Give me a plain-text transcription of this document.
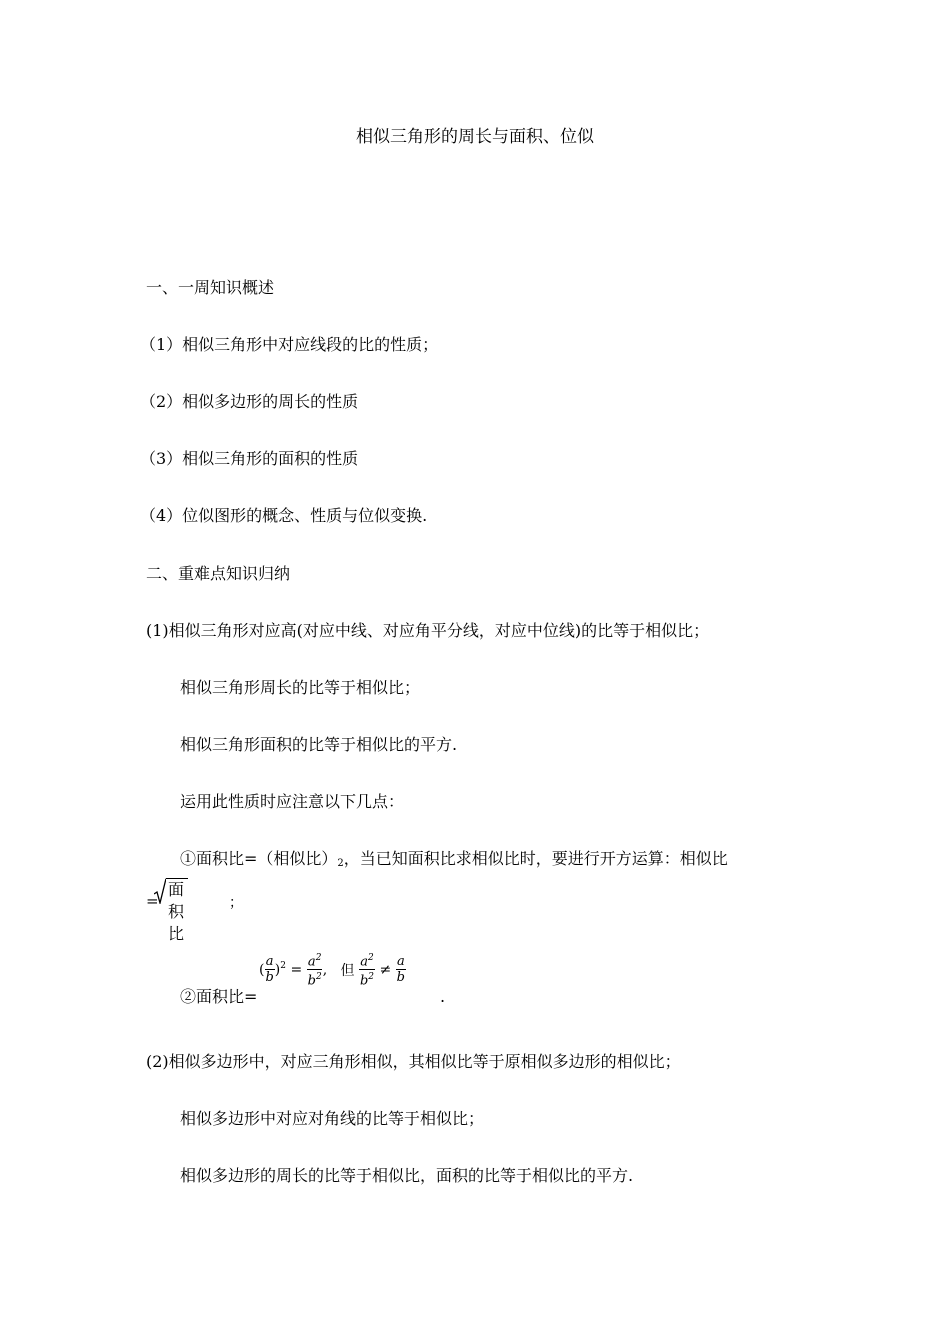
相似三角形的周长与面积、位似
一、一周知识概述
（1）相似三角形中对应线段的比的性质；
（2）相似多边形的周长的性质
（3）相似三角形的面积的性质
（4）位似图形的概念、性质与位似变换.
二、重难点知识归纳
(1)相似三角形对应高(对应中线、对应角平分线，对应中位线)的比等于相似比；
相似三角形周长的比等于相似比；
相似三角形面积的比等于相似比的平方.
运用此性质时应注意以下几点：
①面积比=（相似比）2，当已知面积比求相似比时，要进行开方运算：相似比
=
面积比
；
②面积比=
( $\frac{a}{b} )^2 = \frac{a^2}{b^2}$ , 但 $\frac{a^2}{b^2} \ne \frac{a}{b}$
.
(2)相似多边形中，对应三角形相似，其相似比等于原相似多边形的相似比；
相似多边形中对应对角线的比等于相似比；
相似多边形的周长的比等于相似比，面积的比等于相似比的平方.
